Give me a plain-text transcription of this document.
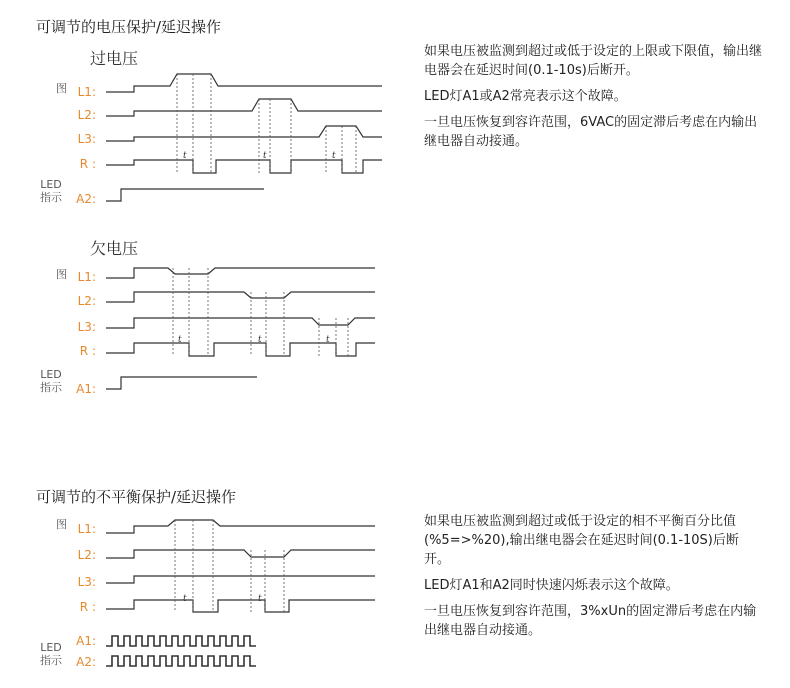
可调节的电压保护/延迟操作
过电压
图 L1:
L2:
L3:
R :
LED
指示	A2:
欠电压
图 L1:
L2:
L3:
R :
LED
指示	A1:

如果电压被监测到超过或低于设定的上限或下限值，输出继电器会在延迟时间(0.1-10s)后断开。

LED灯A1或A2常亮表示这个故障。

一旦电压恢复到容许范围，6VAC的固定滞后考虑在内输出继电器自动接通。

可调节的不平衡保护/延迟操作
图 L1:
L2:
L3:
R :
LED
指示
A1:
A2:

如果电压被监测到超过或低于设定的相不平衡百分比值(%5=>%20),输出继电器会在延迟时间(0.1-10S)后断开。

LED灯A1和A2同时快速闪烁表示这个故障。

一旦电压恢复到容许范围，3%xUn的固定滞后考虑在内输出继电器自动接通。

t	t	t
t	t	t
t	t
